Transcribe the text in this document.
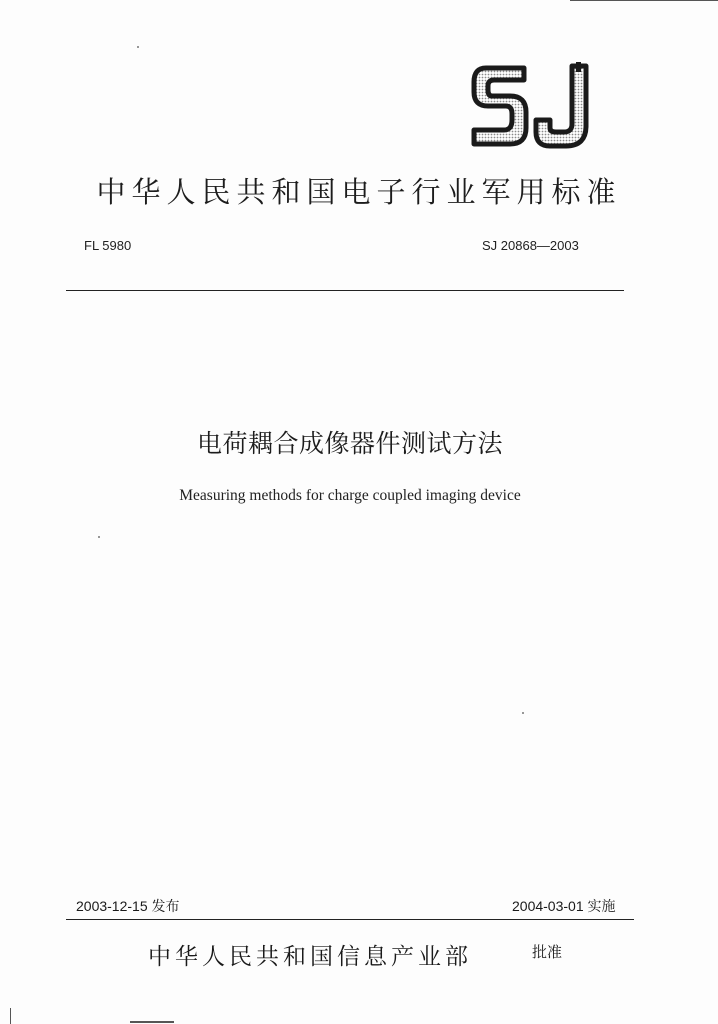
中华人民共和国电子行业军用标准
FL 5980	SJ 20868—2003
电荷耦合成像器件测试方法
Measuring methods for charge coupled imaging device
2003-12-15 发布	2004-03-01 实施
中华人民共和国信息产业部	批准
